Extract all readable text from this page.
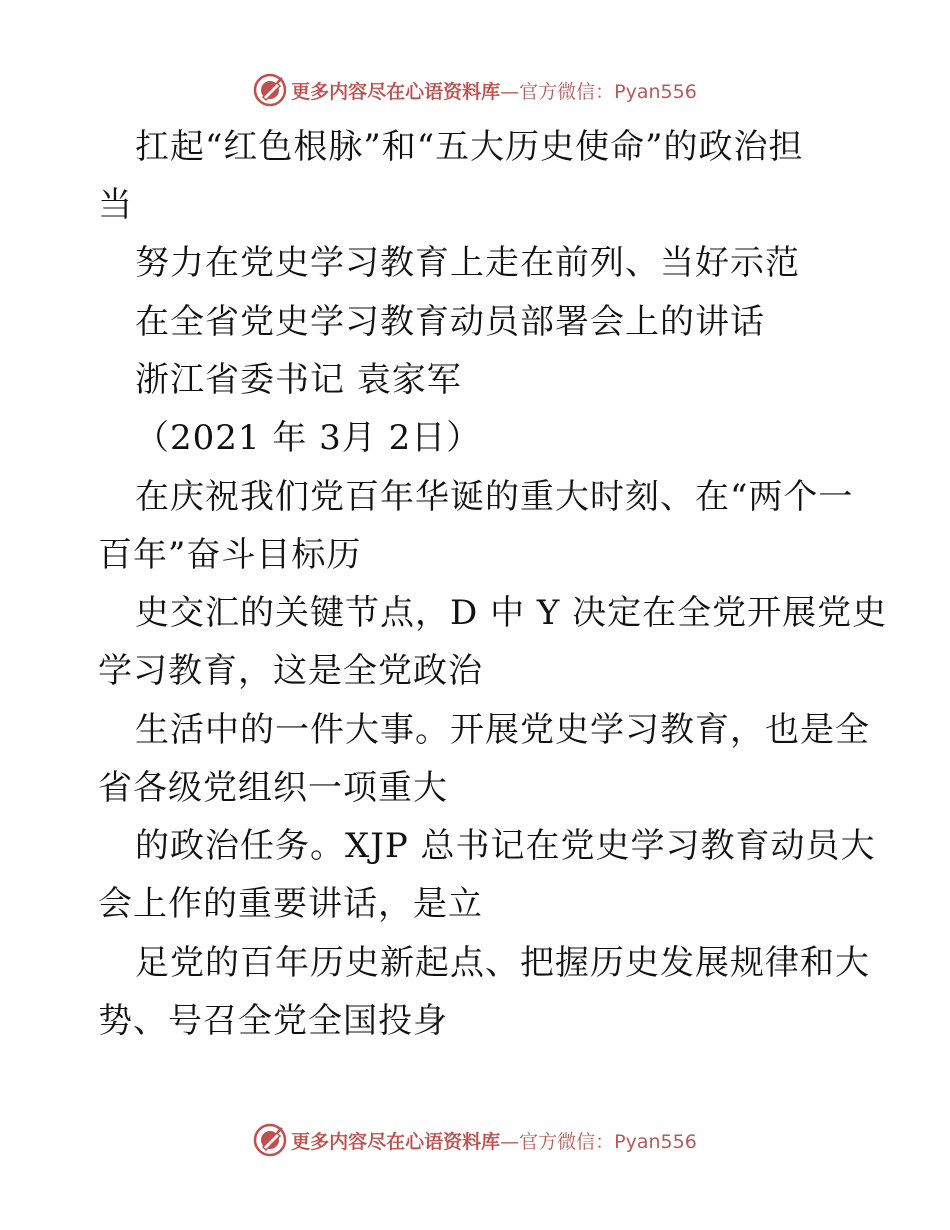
更多内容尽在心语资料库—官方微信：Pyan556
扛起“红色根脉”和“五大历史使命”的政治担
当
努力在党史学习教育上走在前列、当好示范
在全省党史学习教育动员部署会上的讲话
浙江省委书记 袁家军
（2021 年 3月 2日）
在庆祝我们党百年华诞的重大时刻、在“两个一
百年”奋斗目标历
史交汇的关键节点，D 中 Y 决定在全党开展党史
学习教育，这是全党政治
生活中的一件大事。开展党史学习教育，也是全
省各级党组织一项重大
的政治任务。XJP 总书记在党史学习教育动员大
会上作的重要讲话，是立
足党的百年历史新起点、把握历史发展规律和大
势、号召全党全国投身
更多内容尽在心语资料库—官方微信：Pyan556
